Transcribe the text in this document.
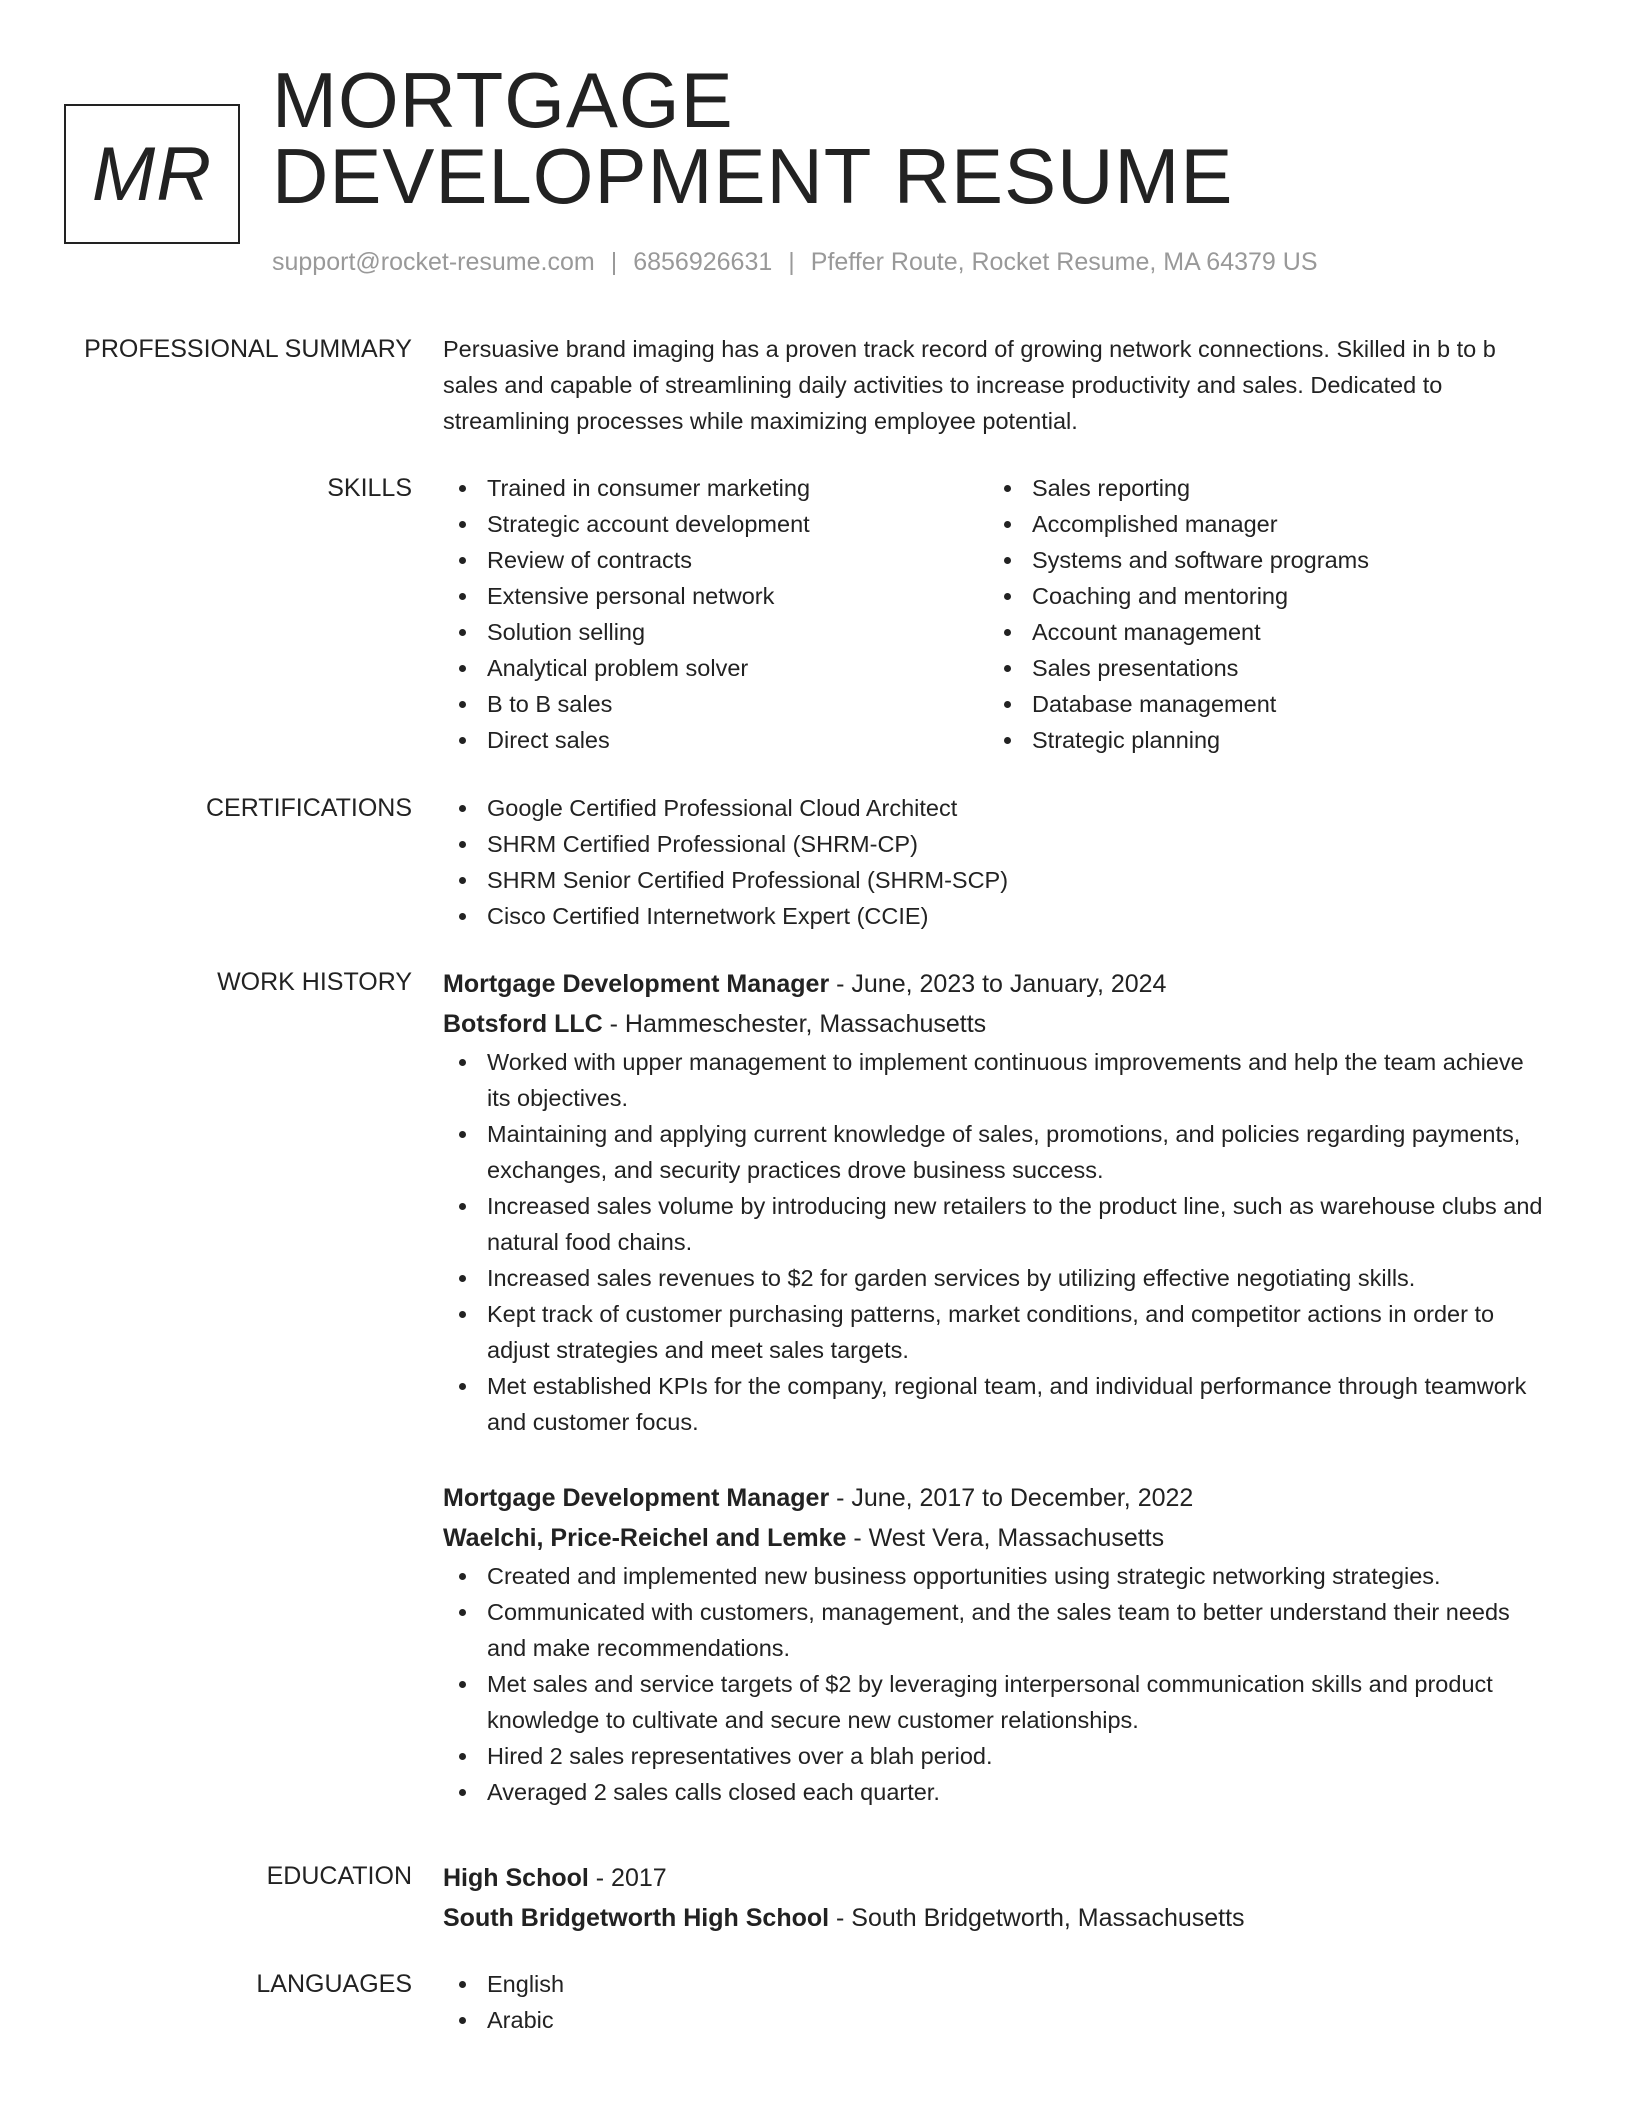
MR
MORTGAGE
DEVELOPMENT RESUME
support@rocket-resume.com | 6856926631 | Pfeffer Route, Rocket Resume, MA 64379 US
PROFESSIONAL SUMMARY Persuasive brand imaging has a proven track record of growing network connections. Skilled in b to b sales and capable of streamlining daily activities to increase productivity and sales. Dedicated to streamlining processes while maximizing employee potential.
SKILLS	Trained in consumer marketing
Strategic account development
Review of contracts
Extensive personal network
Solution selling
Analytical problem solver
B to B sales
Direct sales
Sales reporting
Accomplished manager
Systems and software programs
Coaching and mentoring
Account management
Sales presentations
Database management
Strategic planning
CERTIFICATIONS	Google Certified Professional Cloud Architect
SHRM Certified Professional (SHRM-CP)
SHRM Senior Certified Professional (SHRM-SCP)
Cisco Certified Internetwork Expert (CCIE)
WORK HISTORY Mortgage Development Manager - June, 2023 to January, 2024
Botsford LLC - Hammeschester, Massachusetts
Worked with upper management to implement continuous improvements and help the team achieve its objectives.
Maintaining and applying current knowledge of sales, promotions, and policies regarding payments, exchanges, and security practices drove business success.
Increased sales volume by introducing new retailers to the product line, such as warehouse clubs and natural food chains.
Increased sales revenues to $2 for garden services by utilizing effective negotiating skills.
Kept track of customer purchasing patterns, market conditions, and competitor actions in order to adjust strategies and meet sales targets.
Met established KPIs for the company, regional team, and individual performance through teamwork and customer focus.
Mortgage Development Manager - June, 2017 to December, 2022
Waelchi, Price-Reichel and Lemke - West Vera, Massachusetts
Created and implemented new business opportunities using strategic networking strategies.
Communicated with customers, management, and the sales team to better understand their needs and make recommendations.
Met sales and service targets of $2 by leveraging interpersonal communication skills and product knowledge to cultivate and secure new customer relationships.
Hired 2 sales representatives over a blah period.
Averaged 2 sales calls closed each quarter.
EDUCATION High School - 2017
South Bridgetworth High School - South Bridgetworth, Massachusetts
LANGUAGES	English
Arabic
